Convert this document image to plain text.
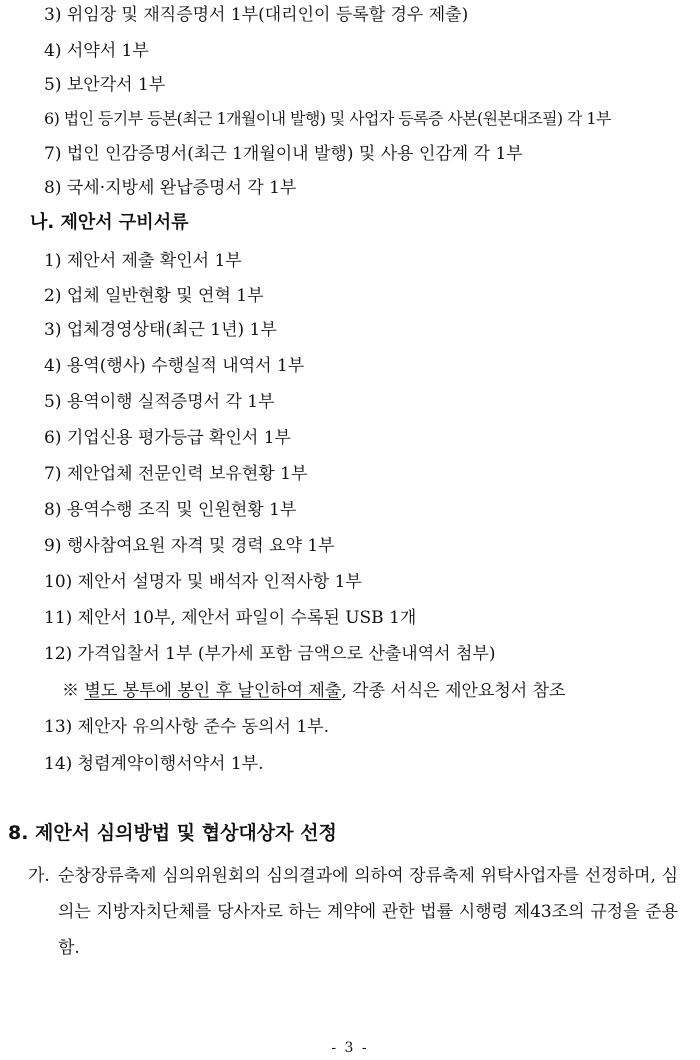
3) 위임장 및 재직증명서 1부(대리인이 등록할 경우 제출)
4) 서약서 1부
5) 보안각서 1부
6) 법인 등기부 등본(최근 1개월이내 발행) 및 사업자 등록증 사본(원본대조필) 각 1부
7) 법인 인감증명서(최근 1개월이내 발행) 및 사용 인감계 각 1부
8) 국세·지방세 완납증명서 각 1부
나. 제안서 구비서류
1) 제안서 제출 확인서 1부
2) 업체 일반현황 및 연혁 1부
3) 업체경영상태(최근 1년) 1부
4) 용역(행사) 수행실적 내역서 1부
5) 용역이행 실적증명서 각 1부
6) 기업신용 평가등급 확인서 1부
7) 제안업체 전문인력 보유현황 1부
8) 용역수행 조직 및 인원현황 1부
9) 행사참여요원 자격 및 경력 요약 1부
10) 제안서 설명자 및 배석자 인적사항 1부
11) 제안서 10부, 제안서 파일이 수록된 USB 1개
12) 가격입찰서 1부 (부가세 포함 금액으로 산출내역서 첨부)
※ 별도 봉투에 봉인 후 날인하여 제출, 각종 서식은 제안요청서 참조
13) 제안자 유의사항 준수 동의서 1부.
14) 청렴계약이행서약서 1부.
8. 제안서 심의방법 및 협상대상자 선정
가. 순창장류축제 심의위원회의 심의결과에 의하여 장류축제 위탁사업자를 선정하며, 심의는 지방자치단체를 당사자로 하는 계약에 관한 법률 시행령 제43조의 규정을 준용함.
- 3 -
